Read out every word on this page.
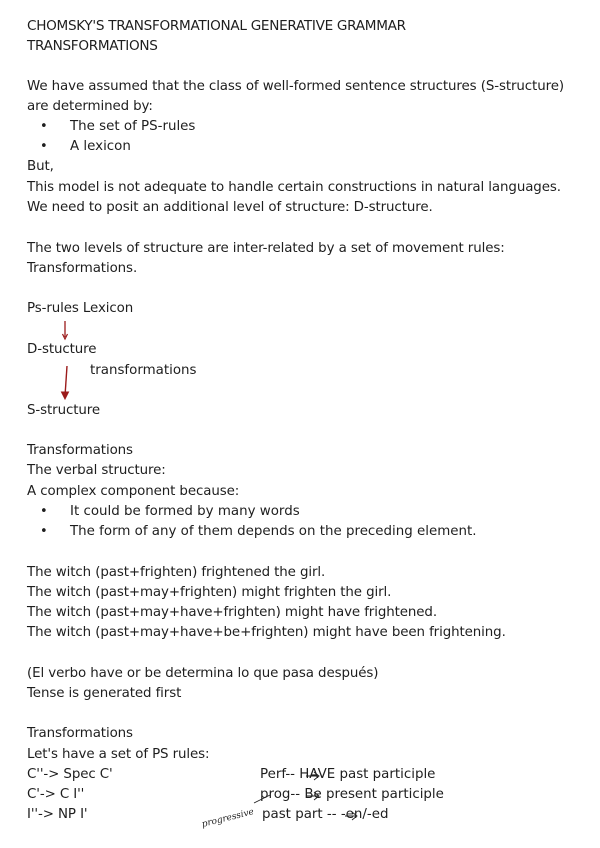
CHOMSKY'S TRANSFORMATIONAL GENERATIVE GRAMMAR
TRANSFORMATIONS
We have assumed that the class of well-formed sentence structures (S-structure)
are determined by:
• The set of PS-rules
• A lexicon
But,
This model is not adequate to handle certain constructions in natural languages.
We need to posit an additional level of structure: D-structure.
The two levels of structure are inter-related by a set of movement rules:
Transformations.
Ps-rules Lexicon
D-stucture
transformations
S-structure
Transformations
The verbal structure:
A complex component because:
• It could be formed by many words
• The form of any of them depends on the preceding element.
The witch (past+frighten) frightened the girl.
The witch (past+may+frighten) might frighten the girl.
The witch (past+may+have+frighten) might have frightened.
The witch (past+may+have+be+frighten) might have been frightening.
(El verbo have or be determina lo que pasa después)
Tense is generated first
Transformations
Let's have a set of PS rules:
C''-> Spec C'
C'-> C I''
I''-> NP I'
Perf-- HAVE past participle
prog-- Be present participle
past part -- -en/-ed
progressive
